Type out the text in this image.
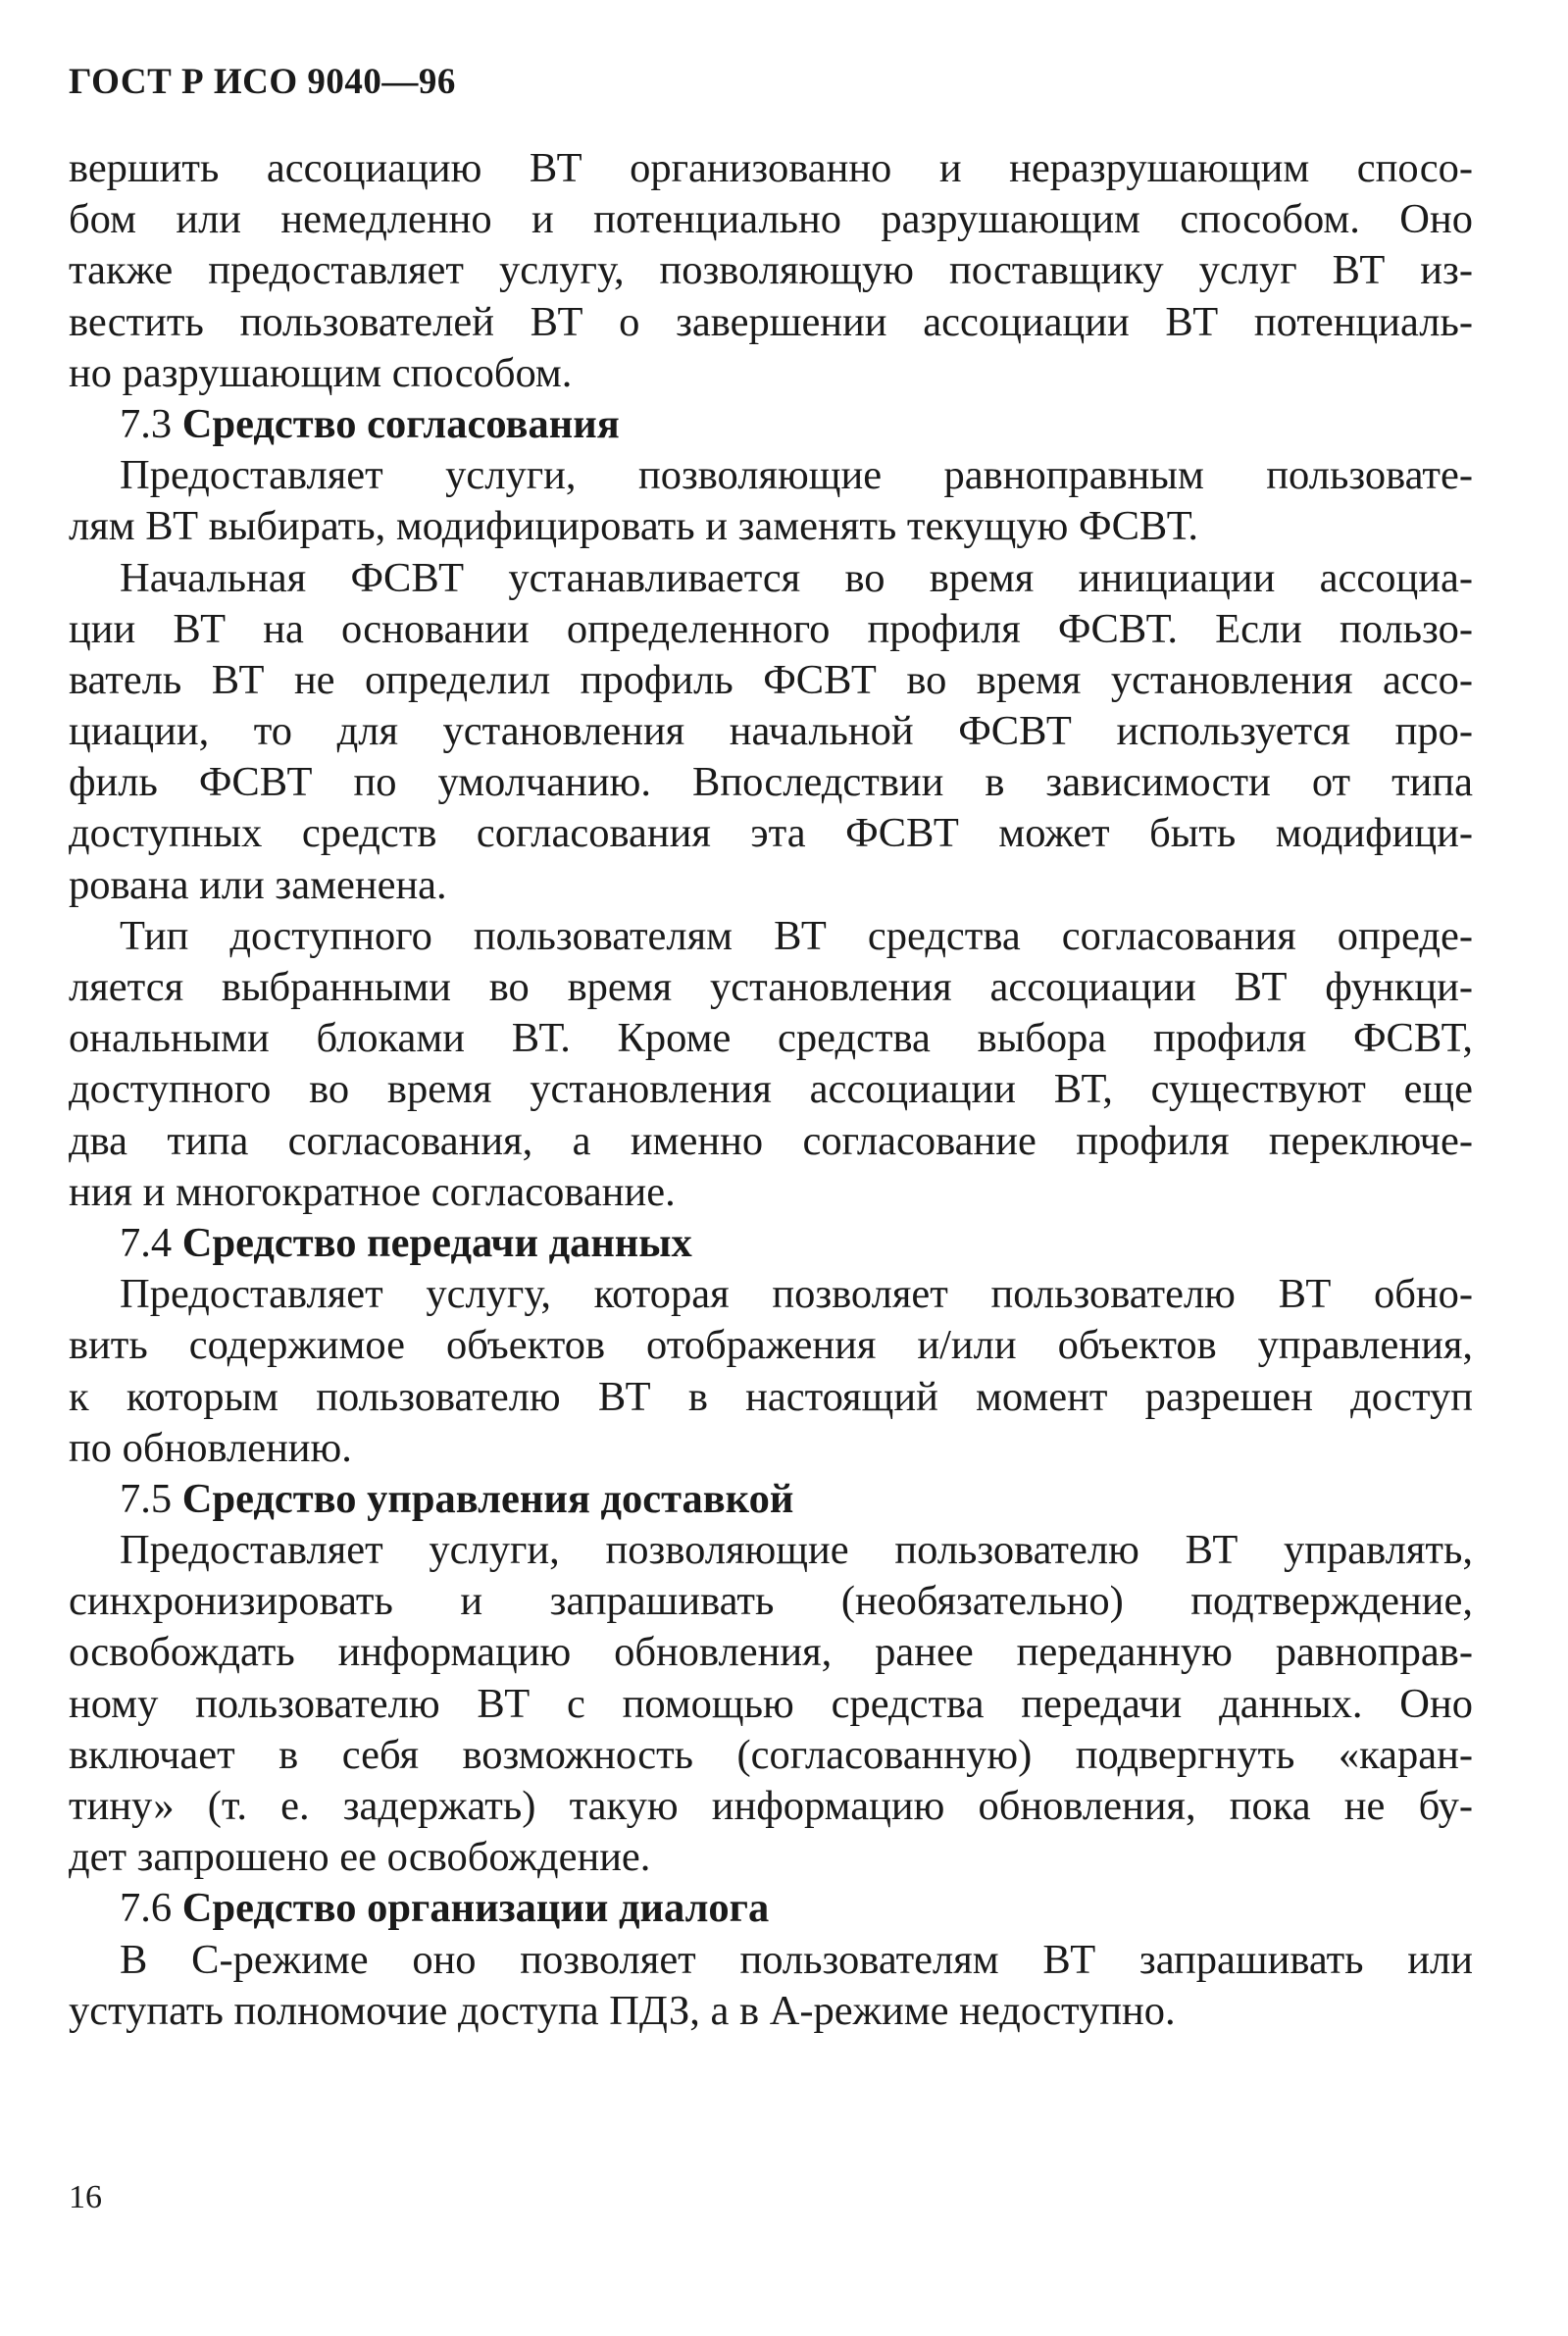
ГОСТ Р ИСО 9040—96
вершить ассоциацию ВТ организованно и неразрушающим спосо-
бом или немедленно и потенциально разрушающим способом. Оно
также предоставляет услугу, позволяющую поставщику услуг ВТ из-
вестить пользователей ВТ о завершении ассоциации ВТ потенциаль-
но разрушающим способом.
7.3 Средство согласования
Предоставляет услуги, позволяющие равноправным пользовате-
лям ВТ выбирать, модифицировать и заменять текущую ФСВТ.
Начальная ФСВТ устанавливается во время инициации ассоциа-
ции ВТ на основании определенного профиля ФСВТ. Если пользо-
ватель ВТ не определил профиль ФСВТ во время установления ассо-
циации, то для установления начальной ФСВТ используется про-
филь ФСВТ по умолчанию. Впоследствии в зависимости от типа
доступных средств согласования эта ФСВТ может быть модифици-
рована или заменена.
Тип доступного пользователям ВТ средства согласования опреде-
ляется выбранными во время установления ассоциации ВТ функци-
ональными блоками ВТ. Кроме средства выбора профиля ФСВТ,
доступного во время установления ассоциации ВТ, существуют еще
два типа согласования, а именно согласование профиля переключе-
ния и многократное согласование.
7.4 Средство передачи данных
Предоставляет услугу, которая позволяет пользователю ВТ обно-
вить содержимое объектов отображения и/или объектов управления,
к которым пользователю ВТ в настоящий момент разрешен доступ
по обновлению.
7.5 Средство управления доставкой
Предоставляет услуги, позволяющие пользователю ВТ управлять,
синхронизировать и запрашивать (необязательно) подтверждение,
освобождать информацию обновления, ранее переданную равноправ-
ному пользователю ВТ с помощью средства передачи данных. Оно
включает в себя возможность (согласованную) подвергнуть «каран-
тину» (т. е. задержать) такую информацию обновления, пока не бу-
дет запрошено ее освобождение.
7.6 Средство организации диалога
В С-режиме оно позволяет пользователям ВТ запрашивать или
уступать полномочие доступа ПДЗ, а в А-режиме недоступно.
16
